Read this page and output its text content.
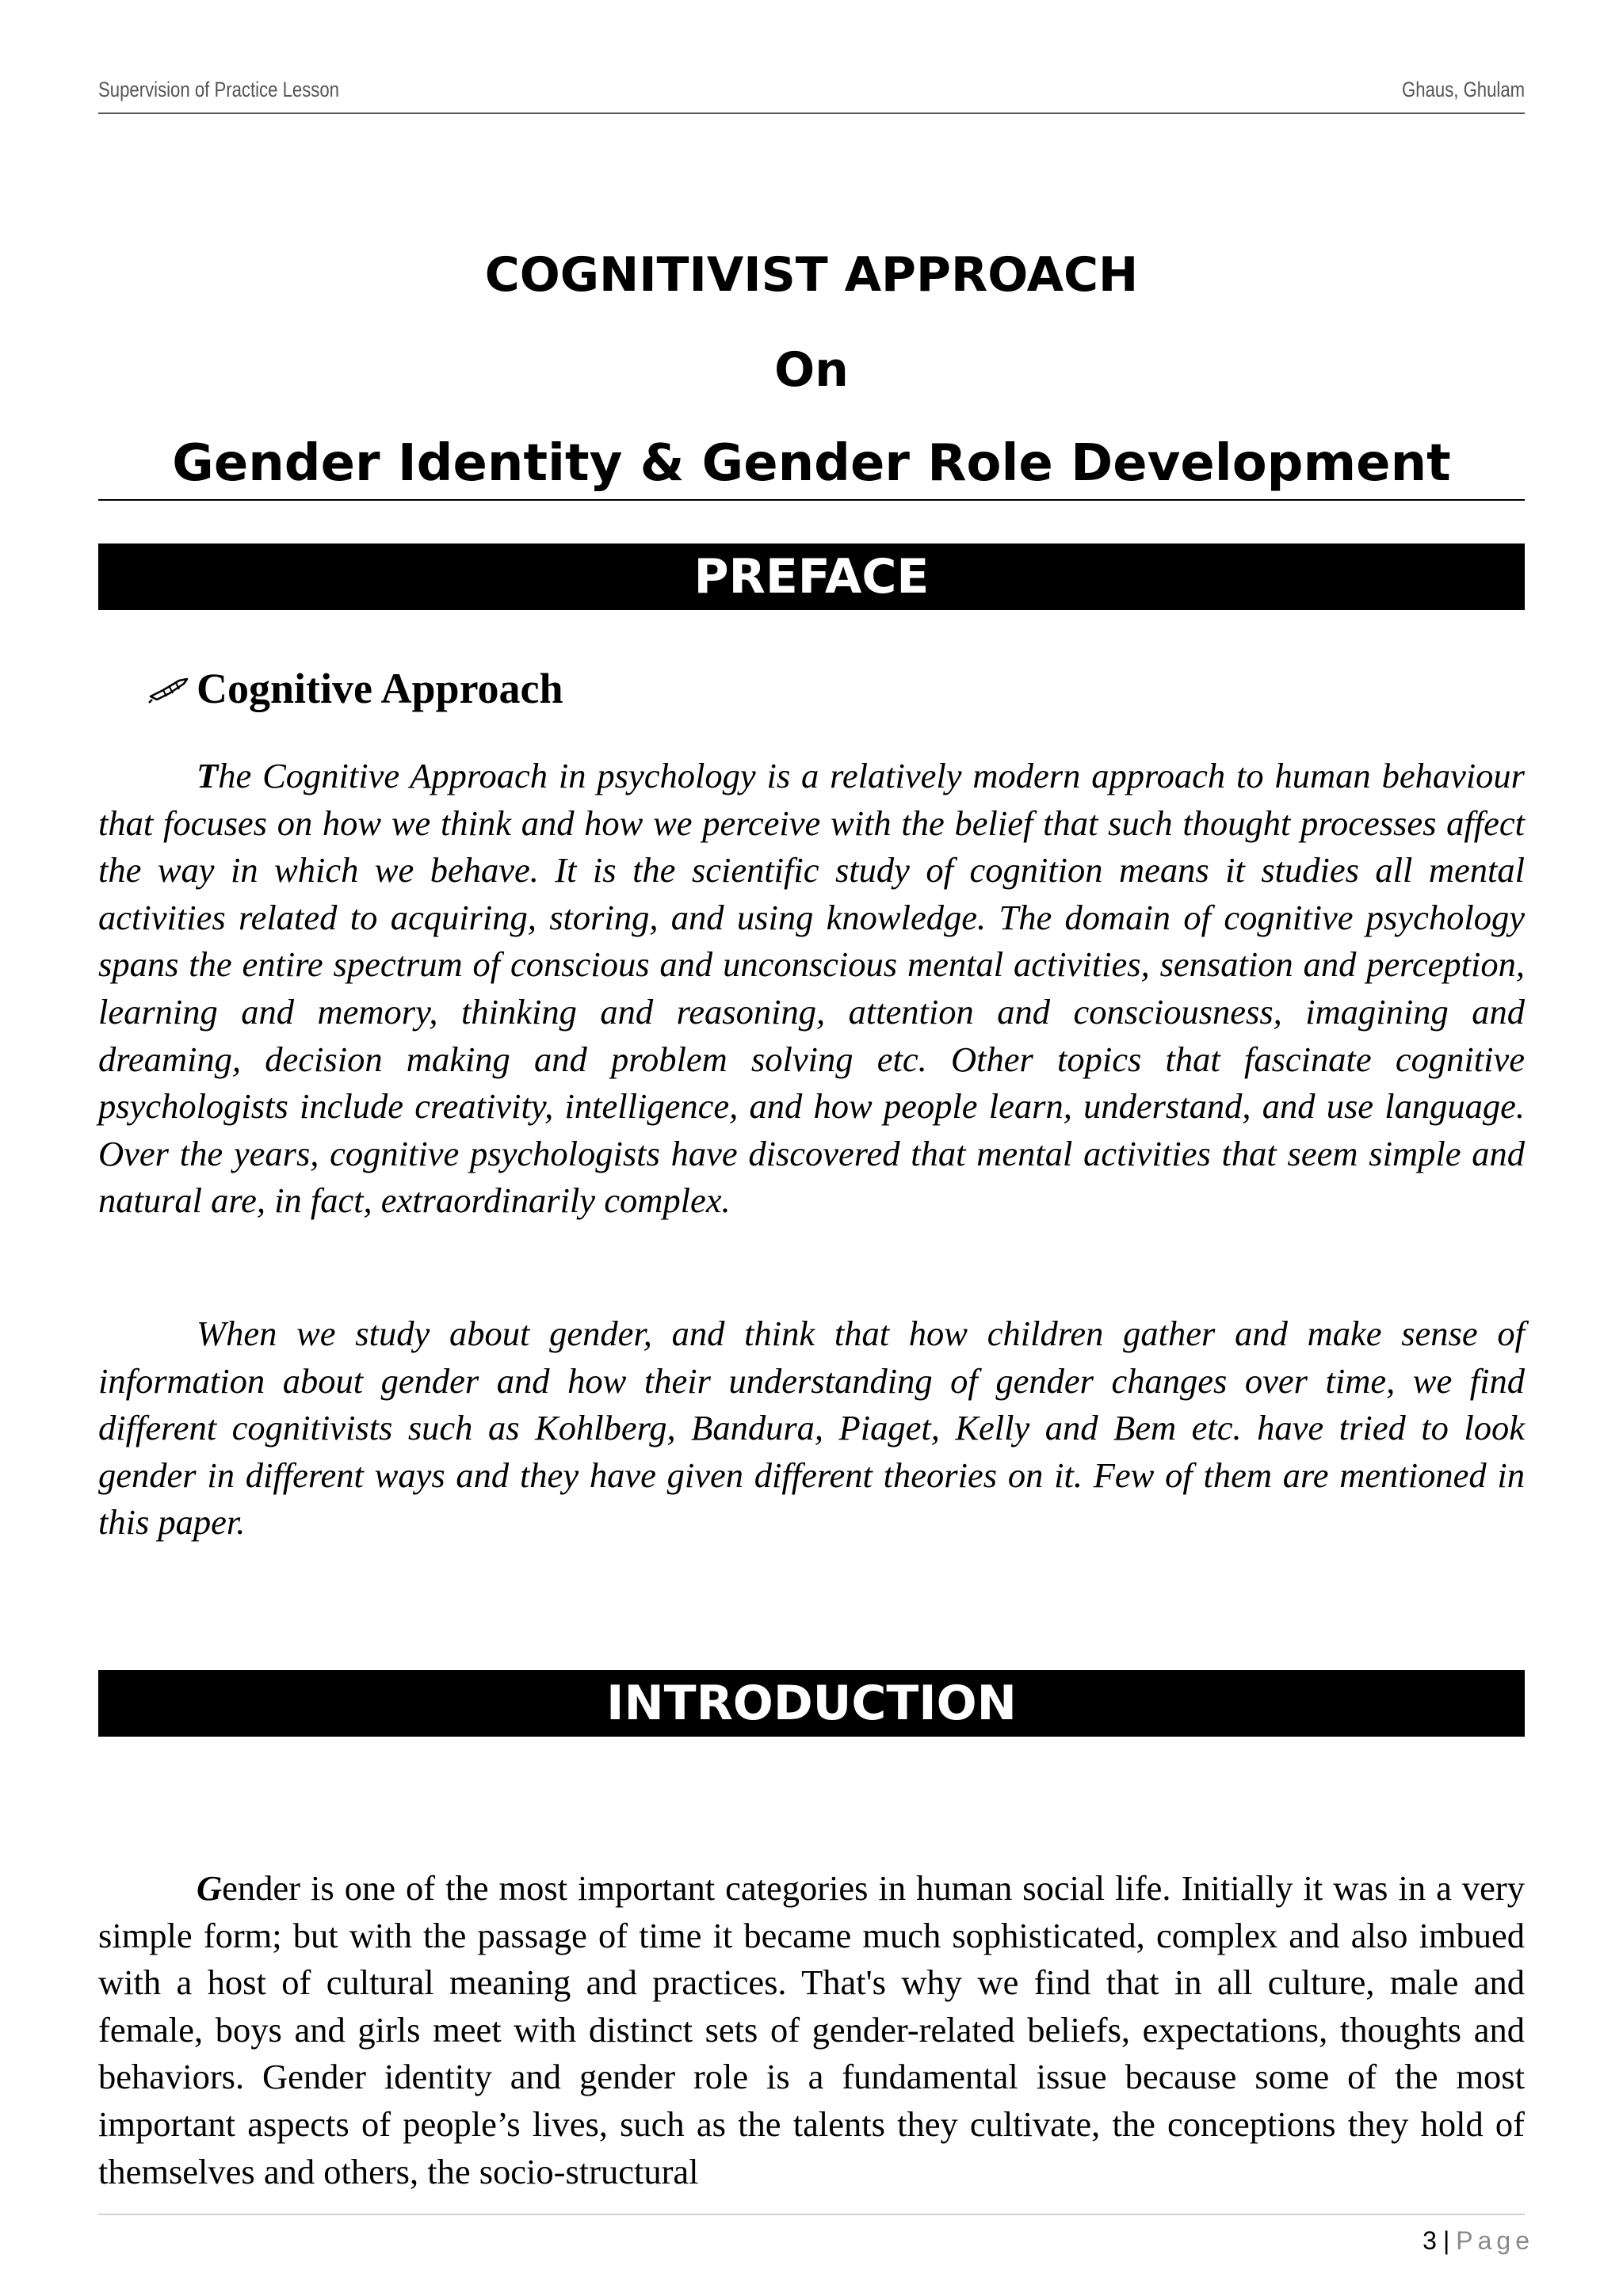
Supervision of Practice Lesson	Ghaus, Ghulam
COGNITIVIST APPROACH
On
Gender Identity & Gender Role Development
PREFACE
Cognitive Approach

The Cognitive Approach in psychology is a relatively modern approach to human behaviour that focuses on how we think and how we perceive with the belief that such thought processes affect the way in which we behave. It is the scientific study of cognition means it studies all mental activities related to acquiring, storing, and using knowledge. The domain of cognitive psychology spans the entire spectrum of conscious and unconscious mental activities, sensation and perception, learning and memory, thinking and reasoning, attention and consciousness, imagining and dreaming, decision making and problem solving etc. Other topics that fascinate cognitive psychologists include creativity, intelligence, and how people learn, understand, and use language. Over the years, cognitive psychologists have discovered that mental activities that seem simple and natural are, in fact, extraordinarily complex.

When we study about gender, and think that how children gather and make sense of information about gender and how their understanding of gender changes over time, we find different cognitivists such as Kohlberg, Bandura, Piaget, Kelly and Bem etc. have tried to look gender in different ways and they have given different theories on it. Few of them are mentioned in this paper.

INTRODUCTION

Gender is one of the most important categories in human social life. Initially it was in a very simple form; but with the passage of time it became much sophisticated, complex and also imbued with a host of cultural meaning and practices. That's why we find that in all culture, male and female, boys and girls meet with distinct sets of gender-related beliefs, expectations, thoughts and behaviors. Gender identity and gender role is a fundamental issue because some of the most important aspects of people’s lives, such as the talents they cultivate, the conceptions they hold of themselves and others, the socio-structural

3 | Page
